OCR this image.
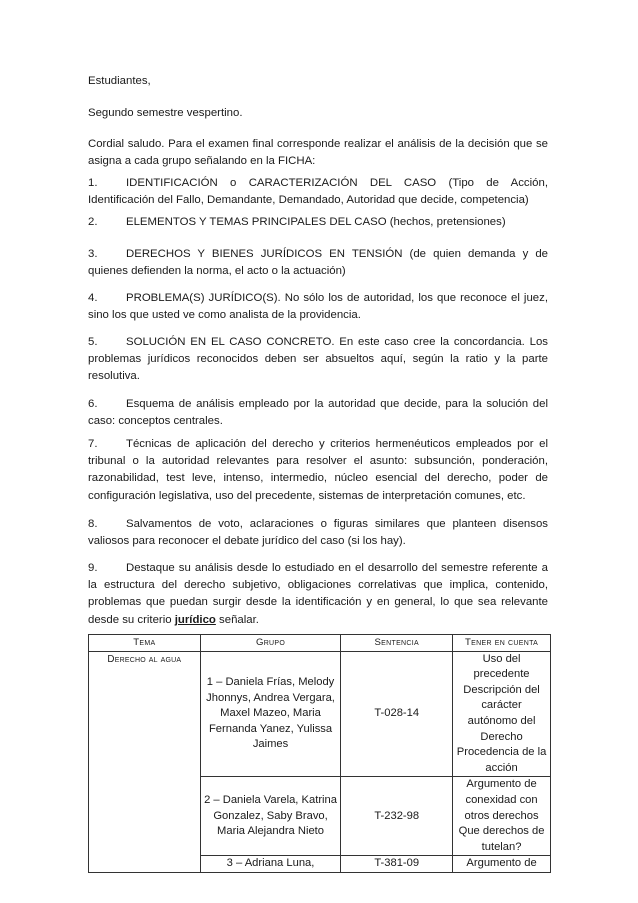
Estudiantes,

Segundo semestre vespertino.

Cordial saludo. Para el examen final corresponde realizar el análisis de la decisión que se asigna a cada grupo señalando en la FICHA:

1.	IDENTIFICACIÓN o CARACTERIZACIÓN DEL CASO (Tipo de Acción, Identificación del Fallo, Demandante, Demandado, Autoridad que decide, competencia)

2.	ELEMENTOS Y TEMAS PRINCIPALES DEL CASO (hechos, pretensiones)

3.	DERECHOS Y BIENES JURÍDICOS EN TENSIÓN (de quien demanda y de quienes defienden la norma, el acto o la actuación)

4.	PROBLEMA(S) JURÍDICO(S). No sólo los de autoridad, los que reconoce el juez, sino los que usted ve como analista de la providencia.

5.	SOLUCIÓN EN EL CASO CONCRETO. En este caso cree la concordancia. Los problemas jurídicos reconocidos deben ser absueltos aquí, según la ratio y la parte resolutiva.

6.	Esquema de análisis empleado por la autoridad que decide, para la solución del caso: conceptos centrales.

7.	Técnicas de aplicación del derecho y criterios hermenéuticos empleados por el tribunal o la autoridad relevantes para resolver el asunto: subsunción, ponderación, razonabilidad, test leve, intenso, intermedio, núcleo esencial del derecho, poder de configuración legislativa, uso del precedente, sistemas de interpretación comunes, etc.

8.	Salvamentos de voto, aclaraciones o figuras similares que planteen disensos valiosos para reconocer el debate jurídico del caso (si los hay).

9.	Destaque su análisis desde lo estudiado en el desarrollo del semestre referente a la estructura del derecho subjetivo, obligaciones correlativas que implica, contenido, problemas que puedan surgir desde la identificación y en general, lo que sea relevante desde su criterio jurídico señalar.

Tema	Grupo	Sentencia	Tener en cuenta
Derecho al agua	1 – Daniela Frías, Melody Jhonnys, Andrea Vergara, Maxel Mazeo, Maria Fernanda Yanez, Yulissa Jaimes	T-028-14	Uso del precedente Descripción del carácter autónomo del Derecho Procedencia de la acción
	2 – Daniela Varela, Katrina Gonzalez, Saby Bravo, Maria Alejandra Nieto	T-232-98	Argumento de conexidad con otros derechos Que derechos de tutelan?
	3 – Adriana Luna,	T-381-09	Argumento de
